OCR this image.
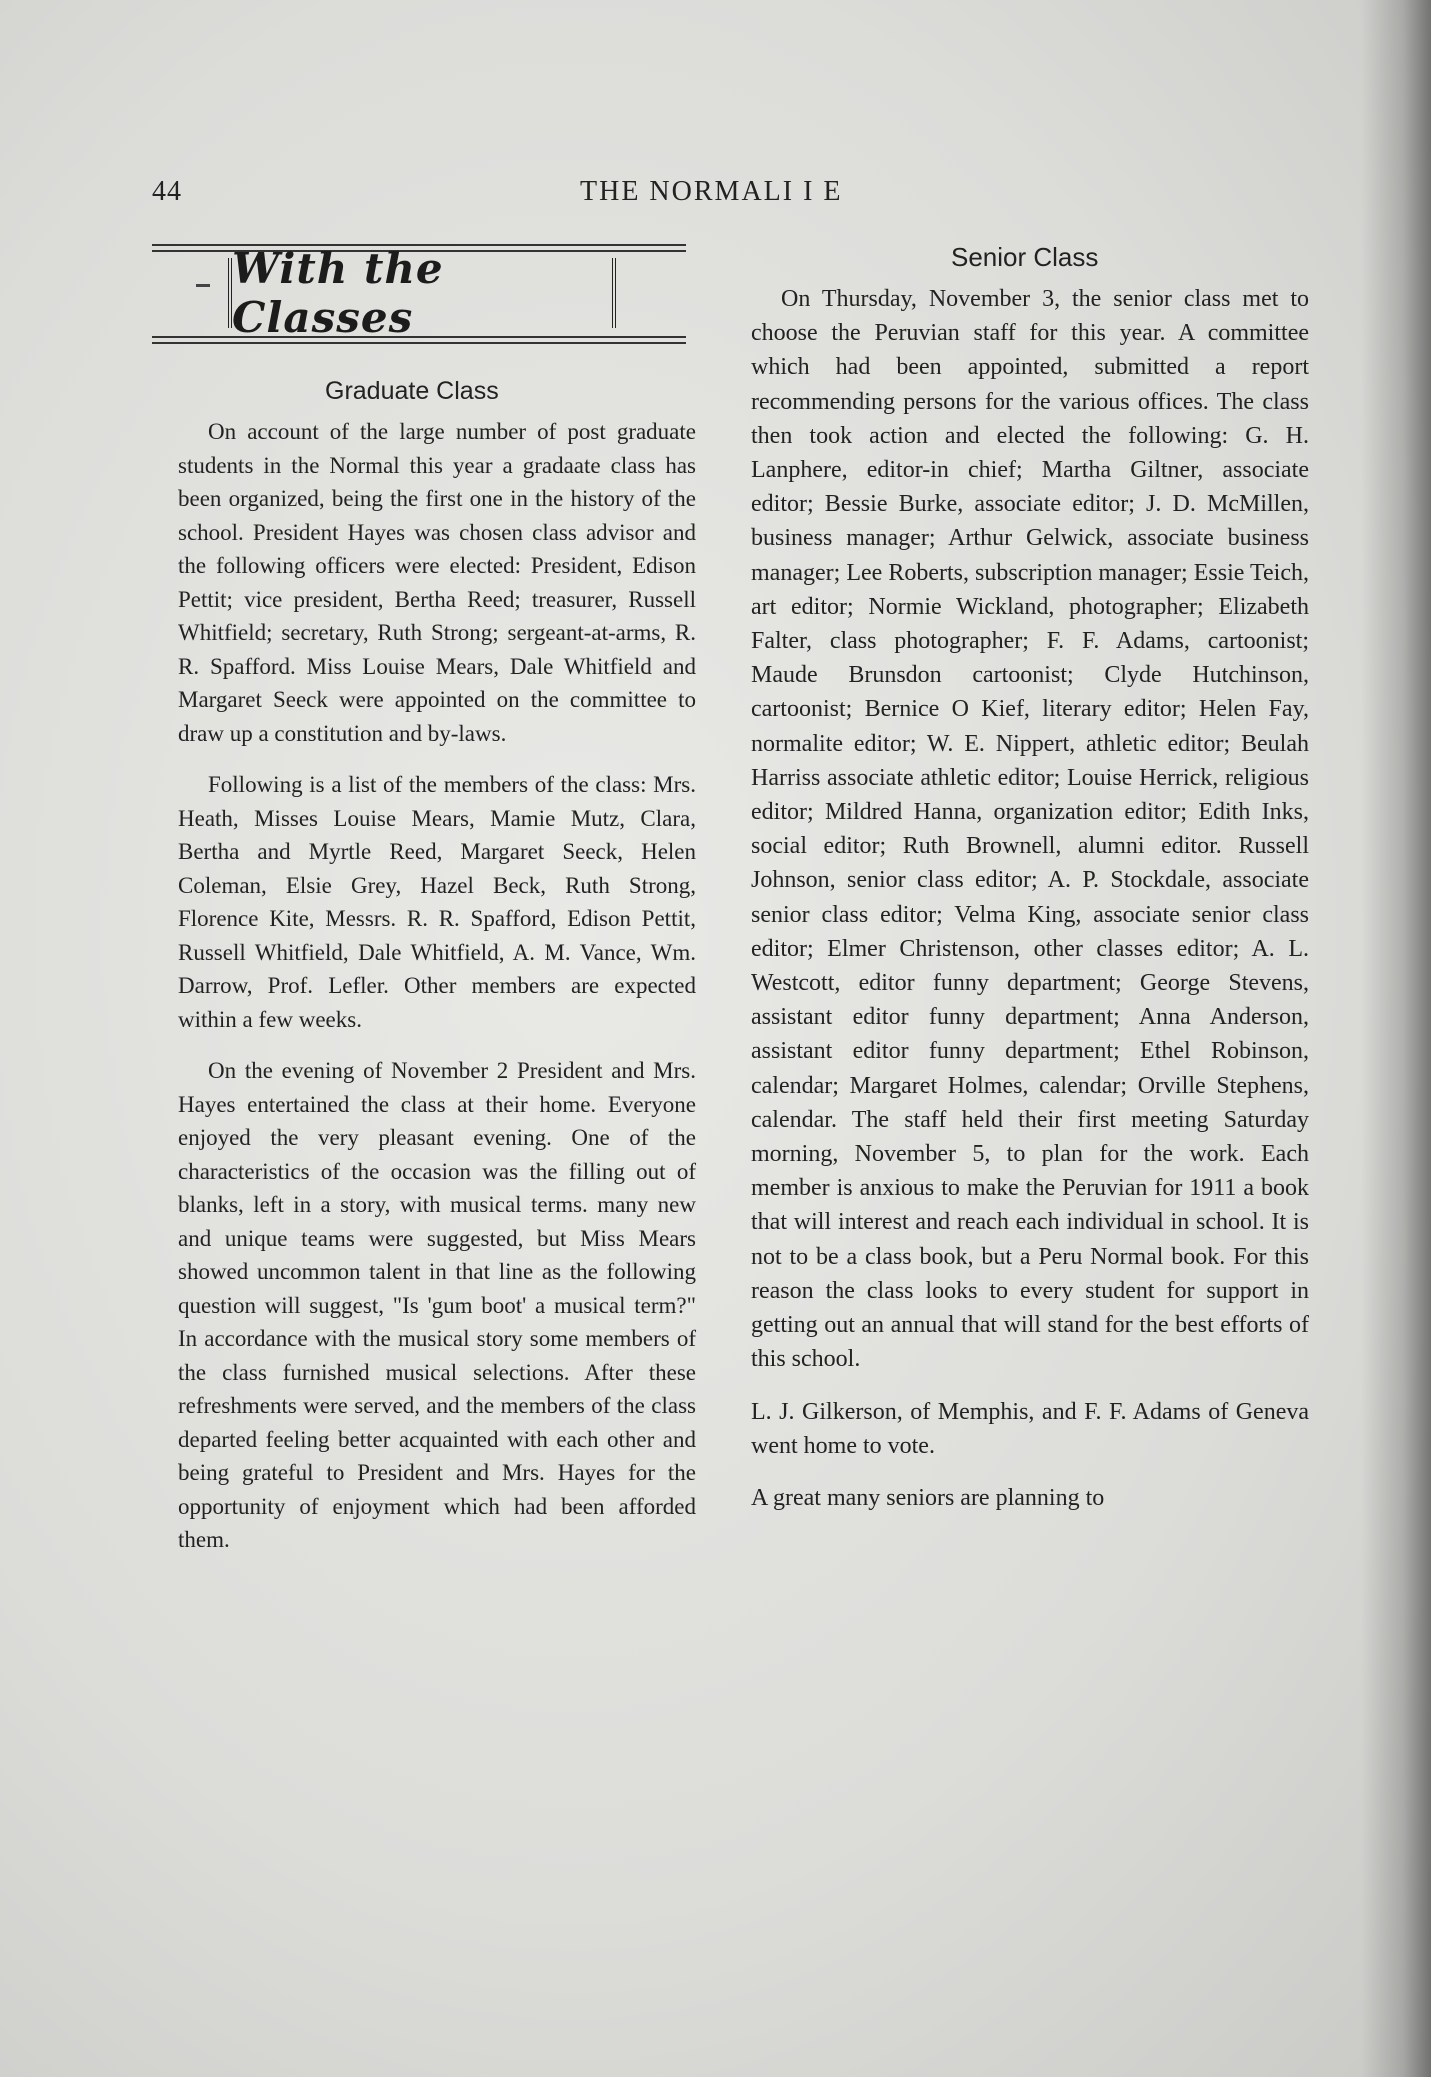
44	THE NORMALI I E
With the Classes
Graduate Class

On account of the large number of post graduate students in the Normal this year a gradaate class has been organized, being the first one in the history of the school. President Hayes was chosen class advisor and the following officers were elected: President, Edison Pettit; vice president, Bertha Reed; treasurer, Russell Whitfield; secretary, Ruth Strong; sergeant-at-arms, R. R. Spafford. Miss Louise Mears, Dale Whitfield and Margaret Seeck were appointed on the committee to draw up a constitution and by-laws.

Following is a list of the members of the class: Mrs. Heath, Misses Louise Mears, Mamie Mutz, Clara, Bertha and Myrtle Reed, Margaret Seeck, Helen Coleman, Elsie Grey, Hazel Beck, Ruth Strong, Florence Kite, Messrs. R. R. Spafford, Edison Pettit, Russell Whitfield, Dale Whitfield, A. M. Vance, Wm. Darrow, Prof. Lefler. Other members are expected within a few weeks.

On the evening of November 2 President and Mrs. Hayes entertained the class at their home. Everyone enjoyed the very pleasant evening. One of the characteristics of the occasion was the filling out of blanks, left in a story, with musical terms. many new and unique teams were suggested, but Miss Mears showed uncommon talent in that line as the following question will suggest, "Is 'gum boot' a musical term?" In accordance with the musical story some members of the class furnished musical selections. After these refreshments were served, and the members of the class departed feeling better acquainted with each other and being grateful to President and Mrs. Hayes for the opportunity of enjoyment which had been afforded them.

Senior Class

On Thursday, November 3, the senior class met to choose the Peruvian staff for this year. A committee which had been appointed, submitted a report recommending persons for the various offices. The class then took action and elected the following: G. H. Lanphere, editor-in chief; Martha Giltner, associate editor; Bessie Burke, associate editor; J. D. McMillen, business manager; Arthur Gelwick, associate business manager; Lee Roberts, subscription manager; Essie Teich, art editor; Normie Wickland, photographer; Elizabeth Falter, class photographer; F. F. Adams, cartoonist; Maude Brunsdon cartoonist; Clyde Hutchinson, cartoonist; Bernice O Kief, literary editor; Helen Fay, normalite editor; W. E. Nippert, athletic editor; Beulah Harriss associate athletic editor; Louise Herrick, religious editor; Mildred Hanna, organization editor; Edith Inks, social editor; Ruth Brownell, alumni editor. Russell Johnson, senior class editor; A. P. Stockdale, associate senior class editor; Velma King, associate senior class editor; Elmer Christenson, other classes editor; A. L. Westcott, editor funny department; George Stevens, assistant editor funny department; Anna Anderson, assistant editor funny department; Ethel Robinson, calendar; Margaret Holmes, calendar; Orville Stephens, calendar. The staff held their first meeting Saturday morning, November 5, to plan for the work. Each member is anxious to make the Peruvian for 1911 a book that will interest and reach each individual in school. It is not to be a class book, but a Peru Normal book. For this reason the class looks to every student for support in getting out an annual that will stand for the best efforts of this school.

L. J. Gilkerson, of Memphis, and F. F. Adams of Geneva went home to vote.

A great many seniors are planning to
